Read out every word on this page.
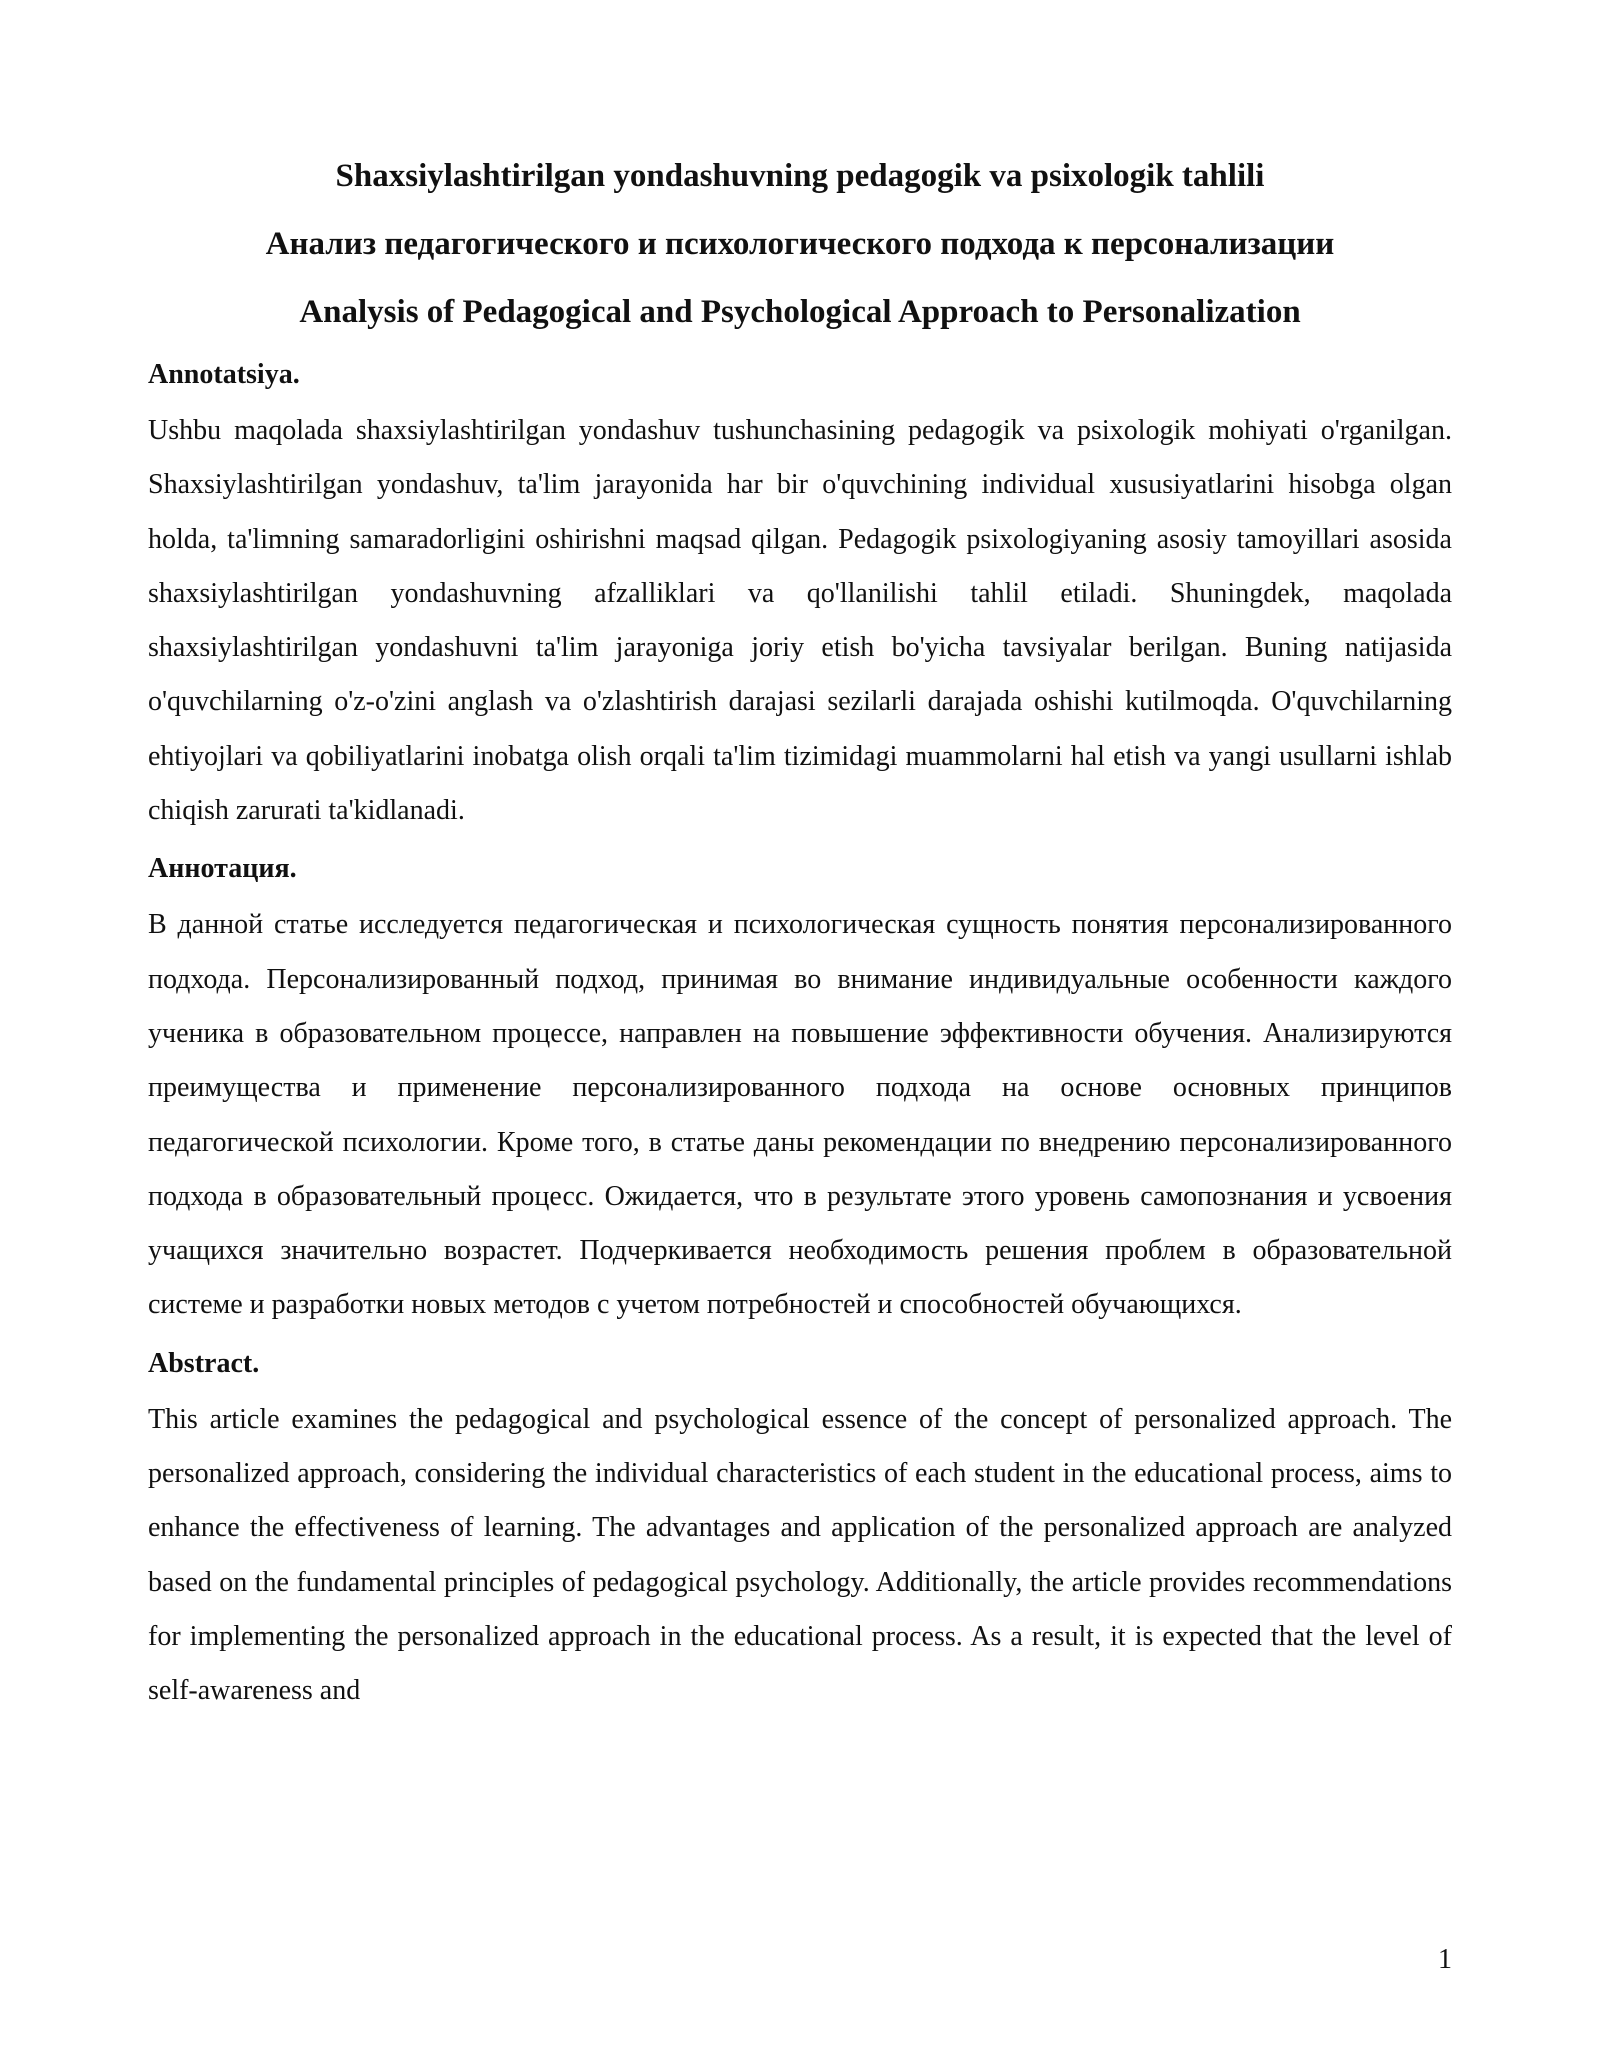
Shaxsiylashtirilgan yondashuvning pedagogik va psixologik tahlili
Анализ педагогического и психологического подхода к персонализации
Analysis of Pedagogical and Psychological Approach to Personalization

Annotatsiya.

Ushbu maqolada shaxsiylashtirilgan yondashuv tushunchasining pedagogik va psixologik mohiyati o'rganilgan. Shaxsiylashtirilgan yondashuv, ta'lim jarayonida har bir o'quvchining individual xususiyatlarini hisobga olgan holda, ta'limning samaradorligini oshirishni maqsad qilgan. Pedagogik psixologiyaning asosiy tamoyillari asosida shaxsiylashtirilgan yondashuvning afzalliklari va qo'llanilishi tahlil etiladi. Shuningdek, maqolada shaxsiylashtirilgan yondashuvni ta'lim jarayoniga joriy etish bo'yicha tavsiyalar berilgan. Buning natijasida o'quvchilarning o'z-o'zini anglash va o'zlashtirish darajasi sezilarli darajada oshishi kutilmoqda. O'quvchilarning ehtiyojlari va qobiliyatlarini inobatga olish orqali ta'lim tizimidagi muammolarni hal etish va yangi usullarni ishlab chiqish zarurati ta'kidlanadi.

Аннотация.

В данной статье исследуется педагогическая и психологическая сущность понятия персонализированного подхода. Персонализированный подход, принимая во внимание индивидуальные особенности каждого ученика в образовательном процессе, направлен на повышение эффективности обучения. Анализируются преимущества и применение персонализированного подхода на основе основных принципов педагогической психологии. Кроме того, в статье даны рекомендации по внедрению персонализированного подхода в образовательный процесс. Ожидается, что в результате этого уровень самопознания и усвоения учащихся значительно возрастет. Подчеркивается необходимость решения проблем в образовательной системе и разработки новых методов с учетом потребностей и способностей обучающихся.

Abstract.

This article examines the pedagogical and psychological essence of the concept of personalized approach. The personalized approach, considering the individual characteristics of each student in the educational process, aims to enhance the effectiveness of learning. The advantages and application of the personalized approach are analyzed based on the fundamental principles of pedagogical psychology. Additionally, the article provides recommendations for implementing the personalized approach in the educational process. As a result, it is expected that the level of self-awareness and

1
